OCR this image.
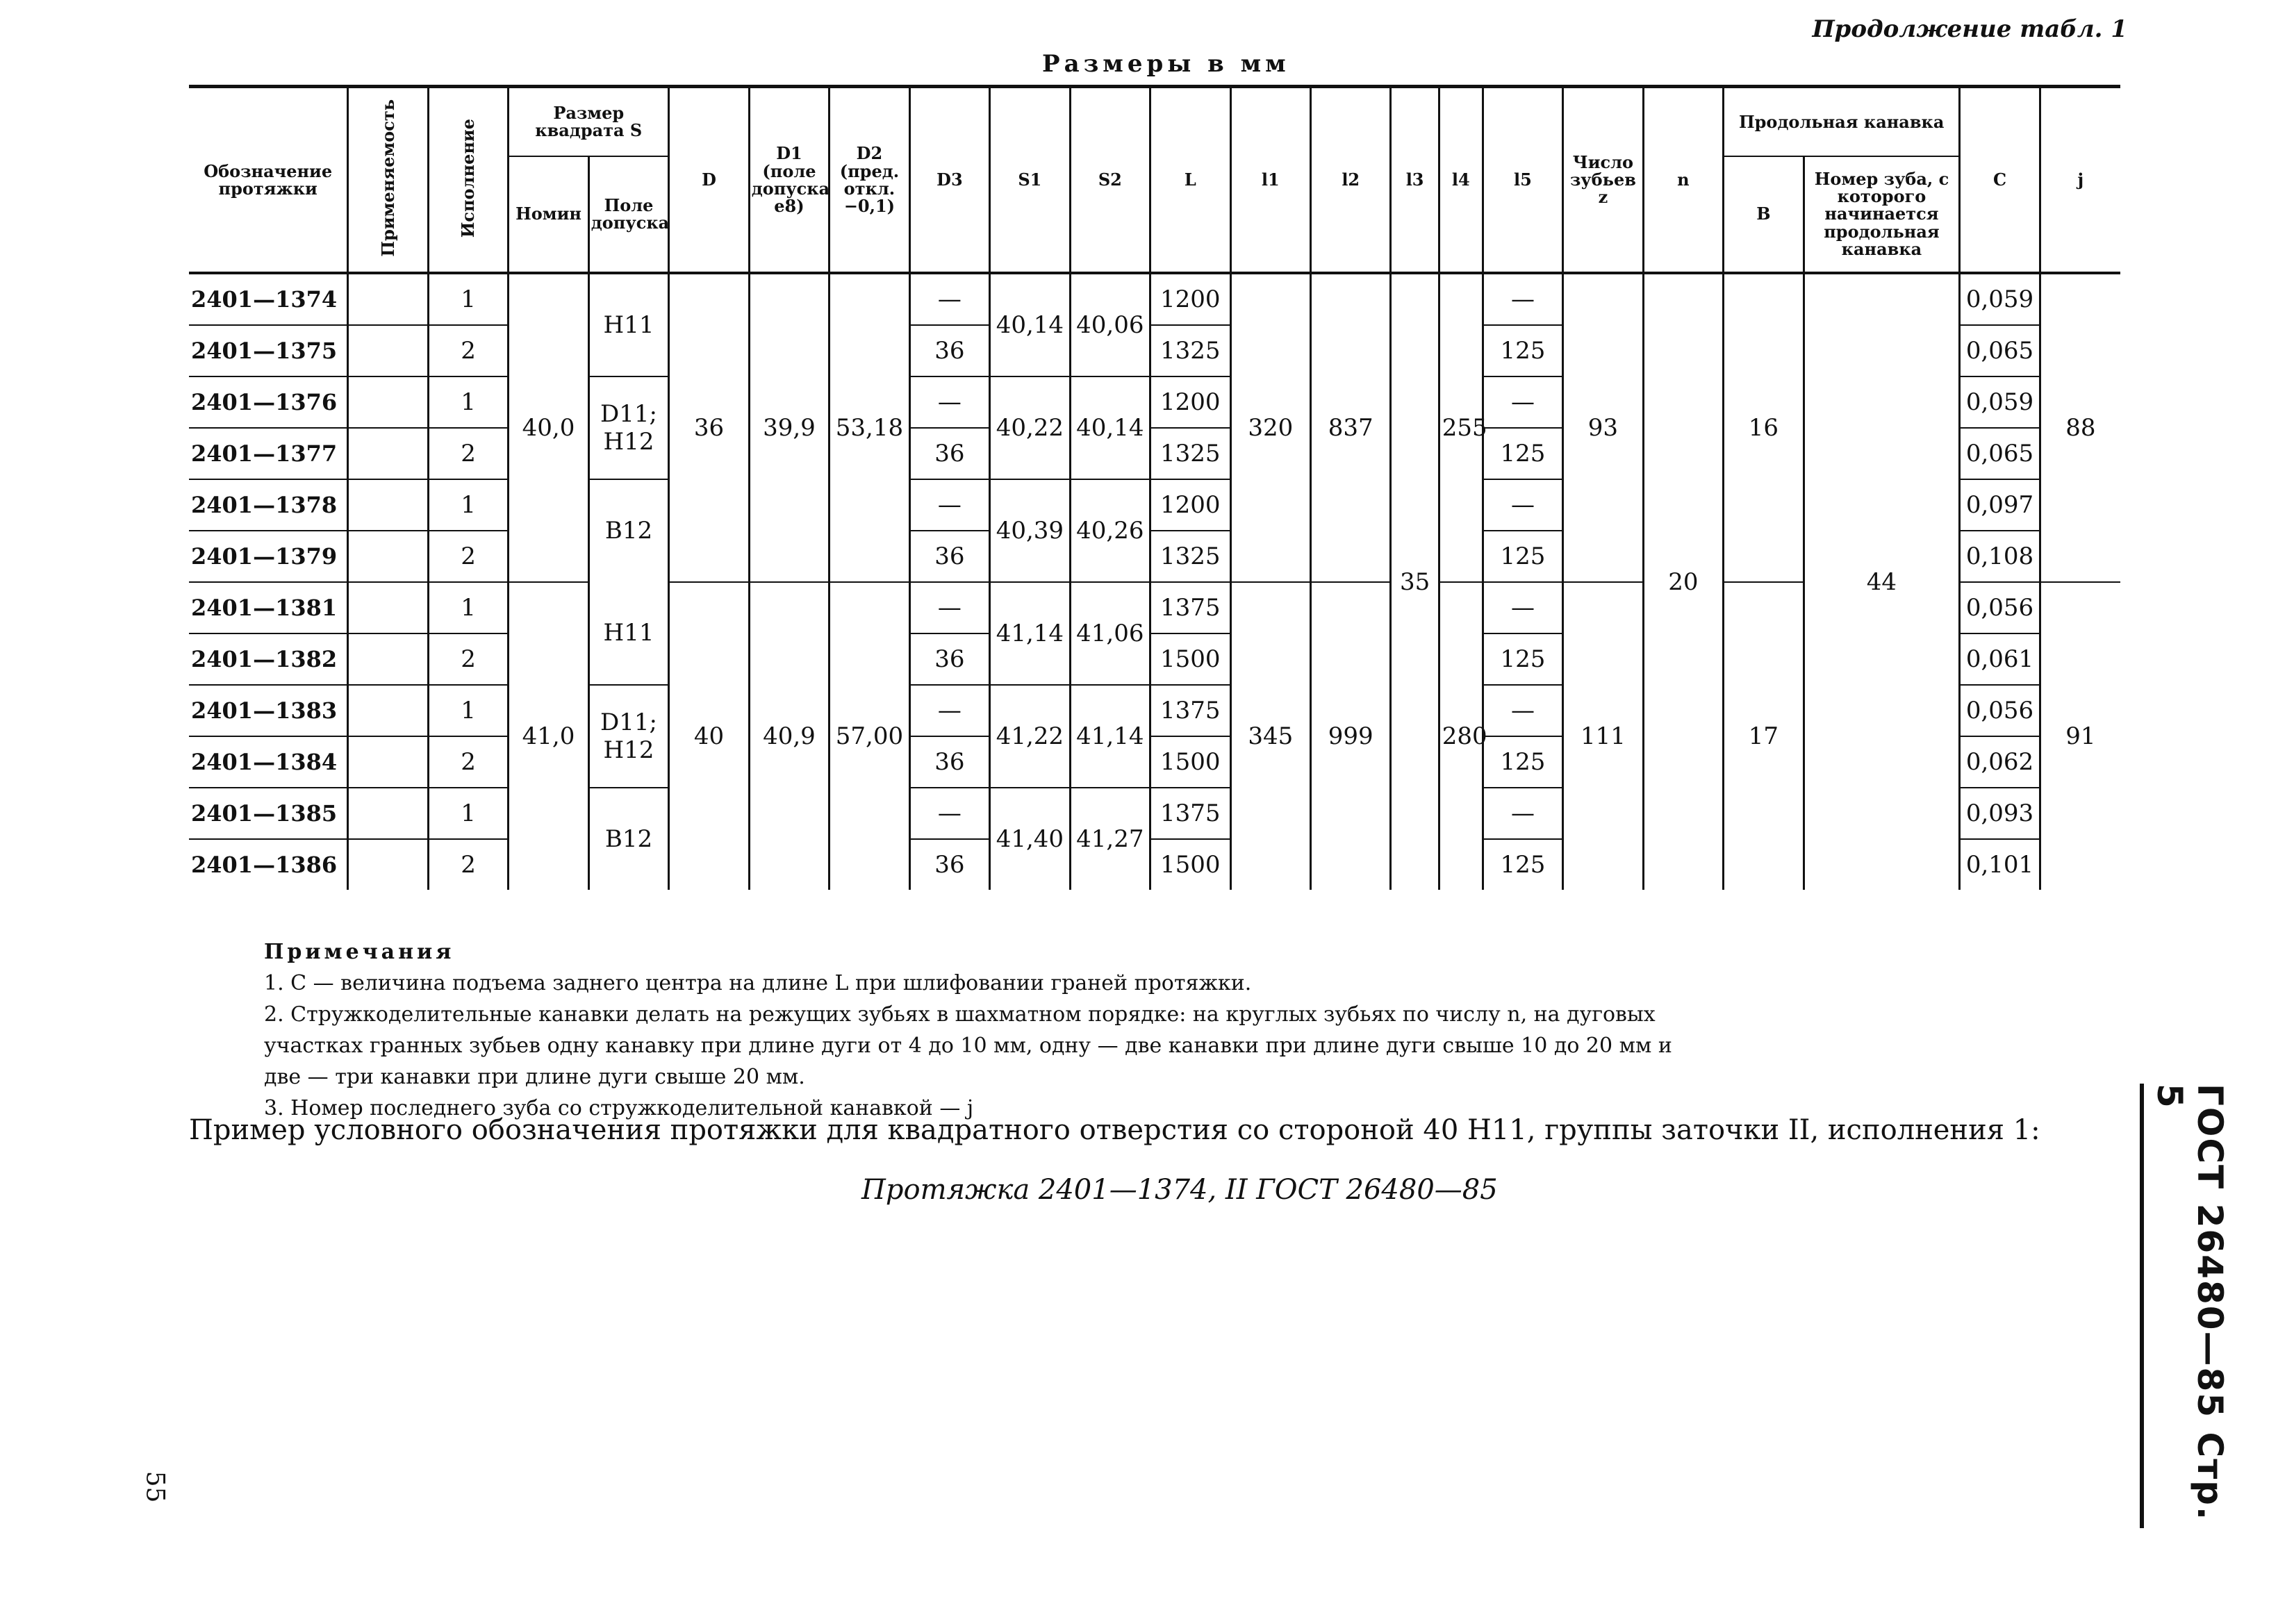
Продолжение табл. 1
Размеры в мм
Обозначение протяжки	Применяемость	Исполнение	Размер квадрата S		D	D1 (поле допуска e8)	D2 (пред. откл. −0,1)	D3	S1	S2	L	l1	l2	l3	l4	l5	Число зубьев z	n	Продольная канавка		C	j
			Номин	Поле допуска															B	Номер зуба, с которого начинается продольная канавка		
2401—1374		1	40,0	H11	36	39,9	53,18	—	40,14	40,06	1200	320	837	35	255	—	93	20	16	44	0,059	88
2401—1375		2						36			1325					125					0,065	
2401—1376		1		D11; H12				—	40,22	40,14	1200					—					0,059	
2401—1377		2						36			1325					125					0,065	
2401—1378		1		B12				—	40,39	40,26	1200					—					0,097	
2401—1379		2						36			1325					125					0,108	
2401—1381		1	41,0	H11	40	40,9	57,00	—	41,14	41,06	1375	345	999		280	—	111		17		0,056	91
2401—1382		2						36			1500					125					0,061	
2401—1383		1		D11; H12				—	41,22	41,14	1375					—					0,056	
2401—1384		2						36			1500					125					0,062	
2401—1385		1		B12				—	41,40	41,27	1375					—					0,093	
2401—1386		2						36			1500					125					0,101	
Примечания

1. C — величина подъема заднего центра на длине L при шлифовании граней протяжки.

2. Стружкоделительные канавки делать на режущих зубьях в шахматном порядке: на круглых зубьях по числу n, на дуговых участках гранных зубьев одну канавку при длине дуги от 4 до 10 мм, одну — две канавки при длине дуги свыше 10 до 20 мм и две — три канавки при длине дуги свыше 20 мм.

3. Номер последнего зуба со стружкоделительной канавкой — j

Пример условного обозначения протяжки для квадратного отверстия со стороной 40 H11, группы заточки II, исполнения 1:
Протяжка 2401—1374, II ГОСТ 26480—85	ГОСТ 26480—85 Стр. 5
55
